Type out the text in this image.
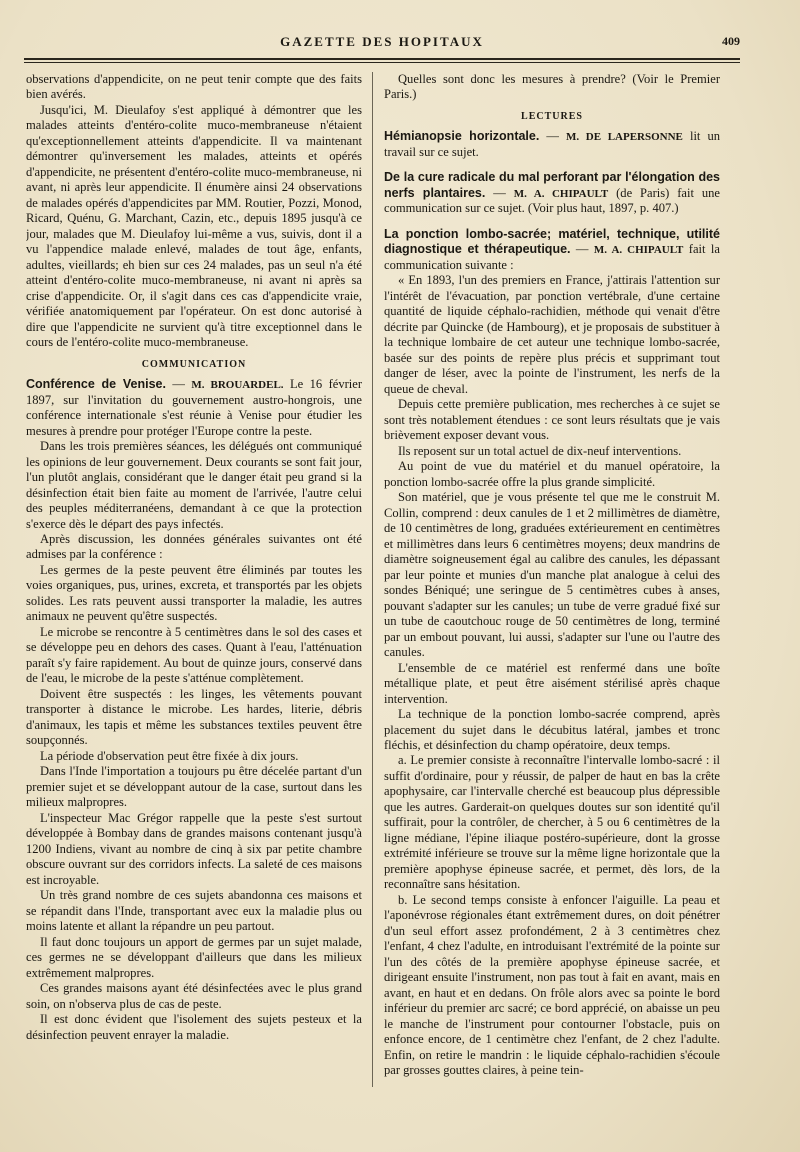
GAZETTE DES HOPITAUX	409

observations d'appendicite, on ne peut tenir compte que des faits bien avérés.

Jusqu'ici, M. Dieulafoy s'est appliqué à démontrer que les malades atteints d'entéro-colite muco-membraneuse n'étaient qu'exceptionnellement atteints d'appendicite. Il va maintenant démontrer qu'inversement les malades, atteints et opérés d'appendicite, ne présentent d'entéro-colite muco-membraneuse, ni avant, ni après leur appendicite. Il énumère ainsi 24 observations de malades opérés d'appendicites par MM. Routier, Pozzi, Monod, Ricard, Quénu, G. Marchant, Cazin, etc., depuis 1895 jusqu'à ce jour, malades que M. Dieulafoy lui-même a vus, suivis, dont il a vu l'appendice malade enlevé, malades de tout âge, enfants, adultes, vieillards; eh bien sur ces 24 malades, pas un seul n'a été atteint d'entéro-colite muco-membraneuse, ni avant ni après sa crise d'appendicite. Or, il s'agit dans ces cas d'appendicite vraie, vérifiée anatomiquement par l'opérateur. On est donc autorisé à dire que l'appendicite ne survient qu'à titre exceptionnel dans le cours de l'entéro-colite muco-membraneuse.

COMMUNICATION

Conférence de Venise. — M. BROUARDEL. Le 16 février 1897, sur l'invitation du gouvernement austro-hongrois, une conférence internationale s'est réunie à Venise pour étudier les mesures à prendre pour protéger l'Europe contre la peste.

Dans les trois premières séances, les délégués ont communiqué les opinions de leur gouvernement. Deux courants se sont fait jour, l'un plutôt anglais, considérant que le danger était peu grand si la désinfection était bien faite au moment de l'arrivée, l'autre celui des peuples méditerranéens, demandant à ce que la protection s'exerce dès le départ des pays infectés.

Après discussion, les données générales suivantes ont été admises par la conférence :

Les germes de la peste peuvent être éliminés par toutes les voies organiques, pus, urines, excreta, et transportés par les objets solides. Les rats peuvent aussi transporter la maladie, les autres animaux ne peuvent qu'être suspectés.

Le microbe se rencontre à 5 centimètres dans le sol des cases et se développe peu en dehors des cases. Quant à l'eau, l'atténuation paraît s'y faire rapidement. Au bout de quinze jours, conservé dans de l'eau, le microbe de la peste s'atténue complètement.

Doivent être suspectés : les linges, les vêtements pouvant transporter à distance le microbe. Les hardes, literie, débris d'animaux, les tapis et même les substances textiles peuvent être soupçonnés.

La période d'observation peut être fixée à dix jours.

Dans l'Inde l'importation a toujours pu être décelée partant d'un premier sujet et se développant autour de la case, surtout dans les milieux malpropres.

L'inspecteur Mac Grégor rappelle que la peste s'est surtout développée à Bombay dans de grandes maisons contenant jusqu'à 1200 Indiens, vivant au nombre de cinq à six par petite chambre obscure ouvrant sur des corridors infects. La saleté de ces maisons est incroyable.

Un très grand nombre de ces sujets abandonna ces maisons et se répandit dans l'Inde, transportant avec eux la maladie plus ou moins latente et allant la répandre un peu partout.

Il faut donc toujours un apport de germes par un sujet malade, ces germes ne se développant d'ailleurs que dans les milieux extrêmement malpropres.

Ces grandes maisons ayant été désinfectées avec le plus grand soin, on n'observa plus de cas de peste.

Il est donc évident que l'isolement des sujets pesteux et la désinfection peuvent enrayer la maladie.

Quelles sont donc les mesures à prendre? (Voir le Premier Paris.)

LECTURES

Hémianopsie horizontale. — M. DE LAPERSONNE lit un travail sur ce sujet.

De la cure radicale du mal perforant par l'élongation des nerfs plantaires. — M. A. CHIPAULT (de Paris) fait une communication sur ce sujet. (Voir plus haut, 1897, p. 407.)

La ponction lombo-sacrée; matériel, technique, utilité diagnostique et thérapeutique. — M. A. CHIPAULT fait la communication suivante :

« En 1893, l'un des premiers en France, j'attirais l'attention sur l'intérêt de l'évacuation, par ponction vertébrale, d'une certaine quantité de liquide céphalo-rachidien, méthode qui venait d'être décrite par Quincke (de Hambourg), et je proposais de substituer à la technique lombaire de cet auteur une technique lombo-sacrée, basée sur des points de repère plus précis et supprimant tout danger de léser, avec la pointe de l'instrument, les nerfs de la queue de cheval.

Depuis cette première publication, mes recherches à ce sujet se sont très notablement étendues : ce sont leurs résultats que je vais brièvement exposer devant vous.

Ils reposent sur un total actuel de dix-neuf interventions.

Au point de vue du matériel et du manuel opératoire, la ponction lombo-sacrée offre la plus grande simplicité.

Son matériel, que je vous présente tel que me le construit M. Collin, comprend : deux canules de 1 et 2 millimètres de diamètre, de 10 centimètres de long, graduées extérieurement en centimètres et millimètres dans leurs 6 centimètres moyens; deux mandrins de diamètre soigneusement égal au calibre des canules, les dépassant par leur pointe et munies d'un manche plat analogue à celui des sondes Béniqué; une seringue de 5 centimètres cubes à anses, pouvant s'adapter sur les canules; un tube de verre gradué fixé sur un tube de caoutchouc rouge de 50 centimètres de long, terminé par un embout pouvant, lui aussi, s'adapter sur l'une ou l'autre des canules.

L'ensemble de ce matériel est renfermé dans une boîte métallique plate, et peut être aisément stérilisé après chaque intervention.

La technique de la ponction lombo-sacrée comprend, après placement du sujet dans le décubitus latéral, jambes et tronc fléchis, et désinfection du champ opératoire, deux temps.

a. Le premier consiste à reconnaître l'intervalle lombo-sacré : il suffit d'ordinaire, pour y réussir, de palper de haut en bas la crête apophysaire, car l'intervalle cherché est beaucoup plus dépressible que les autres. Garderait-on quelques doutes sur son identité qu'il suffirait, pour la contrôler, de chercher, à 5 ou 6 centimètres de la ligne médiane, l'épine iliaque postéro-supérieure, dont la grosse extrémité inférieure se trouve sur la même ligne horizontale que la première apophyse épineuse sacrée, et permet, dès lors, de la reconnaître sans hésitation.

b. Le second temps consiste à enfoncer l'aiguille. La peau et l'aponévrose régionales étant extrêmement dures, on doit pénétrer d'un seul effort assez profondément, 2 à 3 centimètres chez l'enfant, 4 chez l'adulte, en introduisant l'extrémité de la pointe sur l'un des côtés de la première apophyse épineuse sacrée, et dirigeant ensuite l'instrument, non pas tout à fait en avant, mais en avant, en haut et en dedans. On frôle alors avec sa pointe le bord inférieur du premier arc sacré; ce bord apprécié, on abaisse un peu le manche de l'instrument pour contourner l'obstacle, puis on enfonce encore, de 1 centimètre chez l'enfant, de 2 chez l'adulte. Enfin, on retire le mandrin : le liquide céphalo-rachidien s'écoule par grosses gouttes claires, à peine tein-
